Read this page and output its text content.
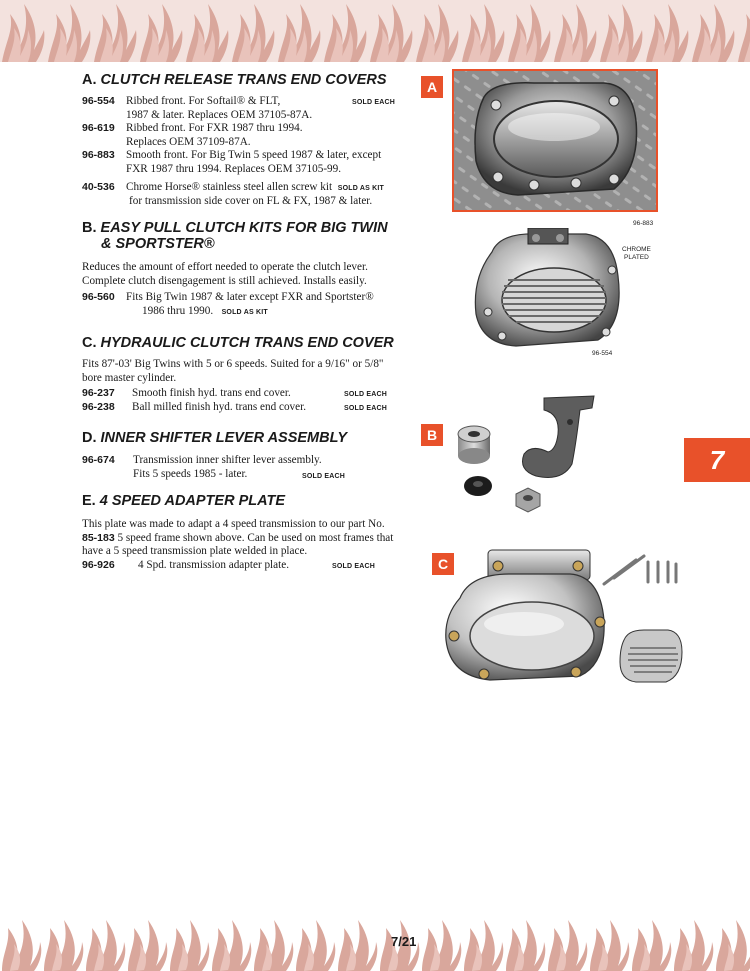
A. CLUTCH RELEASE TRANS END COVERS
96-554 Ribbed front. For Softail® & FLT,	SOLD EACH
1987 & later. Replaces OEM 37105-87A.
96-619 Ribbed front. For FXR 1987 thru 1994.
Replaces OEM 37109-87A.
96-883 Smooth front. For Big Twin 5 speed 1987 & later, except
FXR 1987 thru 1994. Replaces OEM 37105-99.
40-536 Chrome Horse® stainless steel allen screw kit SOLD AS KIT
for transmission side cover on FL & FX, 1987 & later.
B. EASY PULL CLUTCH KITS FOR BIG TWIN
& SPORTSTER®
Reduces the amount of effort needed to operate the clutch lever. Complete clutch disengagement is still achieved. Installs easily.
96-560 Fits Big Twin 1987 & later except FXR and Sportster®
1986 thru 1990. SOLD AS KIT
C. HYDRAULIC CLUTCH TRANS END COVER
Fits 87'-03' Big Twins with 5 or 6 speeds. Suited for a 9/16" or 5/8" bore master cylinder.
96-237 Smooth finish hyd. trans end cover.	SOLD EACH
96-238 Ball milled finish hyd. trans end cover.	SOLD EACH
D. INNER SHIFTER LEVER ASSEMBLY
96-674 Transmission inner shifter lever assembly.
Fits 5 speeds 1985 - later.	SOLD EACH
E. 4 SPEED ADAPTER PLATE
This plate was made to adapt a 4 speed transmission to our part No. 85-183 5 speed frame shown above. Can be used on most frames that have a 5 speed transmission plate welded in place.
96-926 4 Spd. transmission adapter plate.	SOLD EACH
A
96-883
CHROME
PLATED
96-554
B
7
C
7/21
